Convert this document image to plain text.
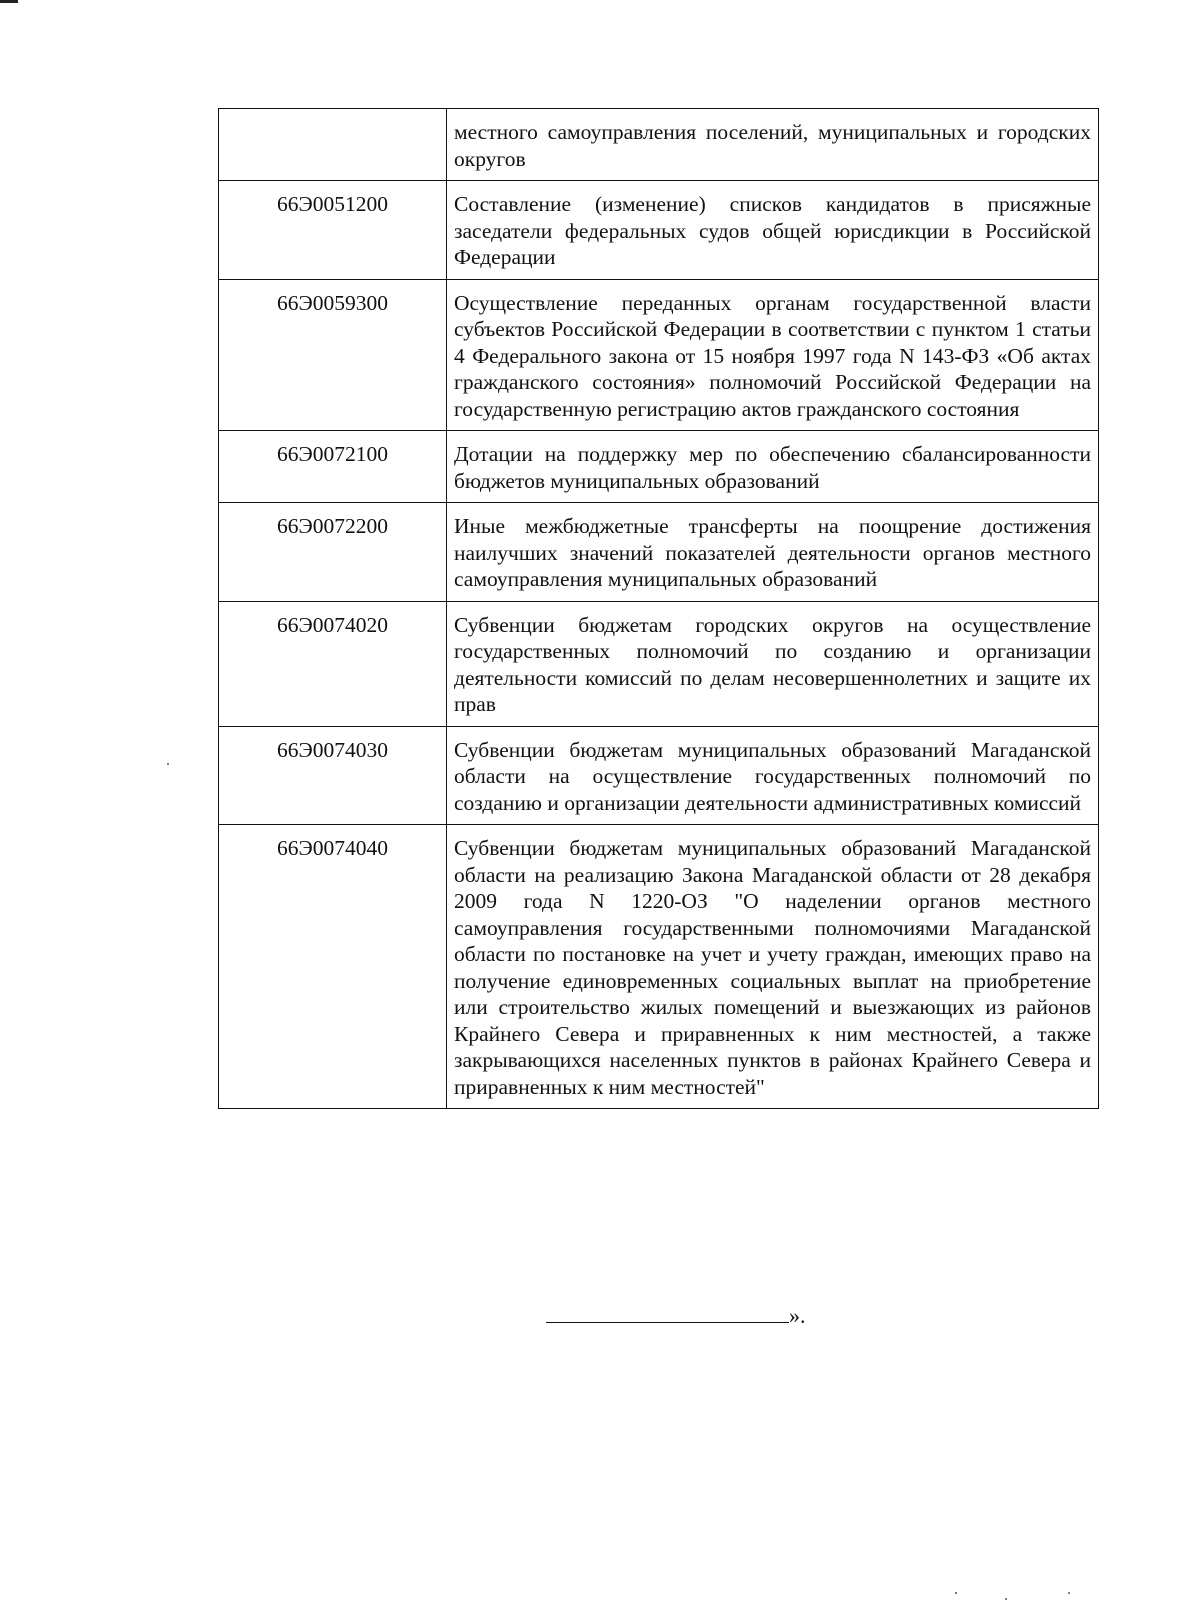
	местного самоуправления поселений, муниципальных и городских округов
66Э0051200	Составление (изменение) списков кандидатов в присяжные заседатели федеральных судов общей юрисдикции в Российской Федерации
66Э0059300	Осуществление переданных органам государственной власти субъектов Российской Федерации в соответствии с пунктом 1 статьи 4 Федерального закона от 15 ноября 1997 года N 143-ФЗ «Об актах гражданского состояния» полномочий Российской Федерации на государственную регистрацию актов гражданского состояния
66Э0072100	Дотации на поддержку мер по обеспечению сбалансированности бюджетов муниципальных образований
66Э0072200	Иные межбюджетные трансферты на поощрение достижения наилучших значений показателей деятельности органов местного самоуправления муниципальных образований
66Э0074020	Субвенции бюджетам городских округов на осуществление государственных полномочий по созданию и организации деятельности комиссий по делам несовершеннолетних и защите их прав
66Э0074030	Субвенции бюджетам муниципальных образований Магаданской области на осуществление государственных полномочий по созданию и организации деятельности административных комиссий
66Э0074040	Субвенции бюджетам муниципальных образований Магаданской области на реализацию Закона Магаданской области от 28 декабря 2009 года N 1220-ОЗ "О наделении органов местного самоуправления государственными полномочиями Магаданской области по постановке на учет и учету граждан, имеющих право на получение единовременных социальных выплат на приобретение или строительство жилых помещений и выезжающих из районов Крайнего Севера и приравненных к ним местностей, а также закрывающихся населенных пунктов в районах Крайнего Севера и приравненных к ним местностей"
».
